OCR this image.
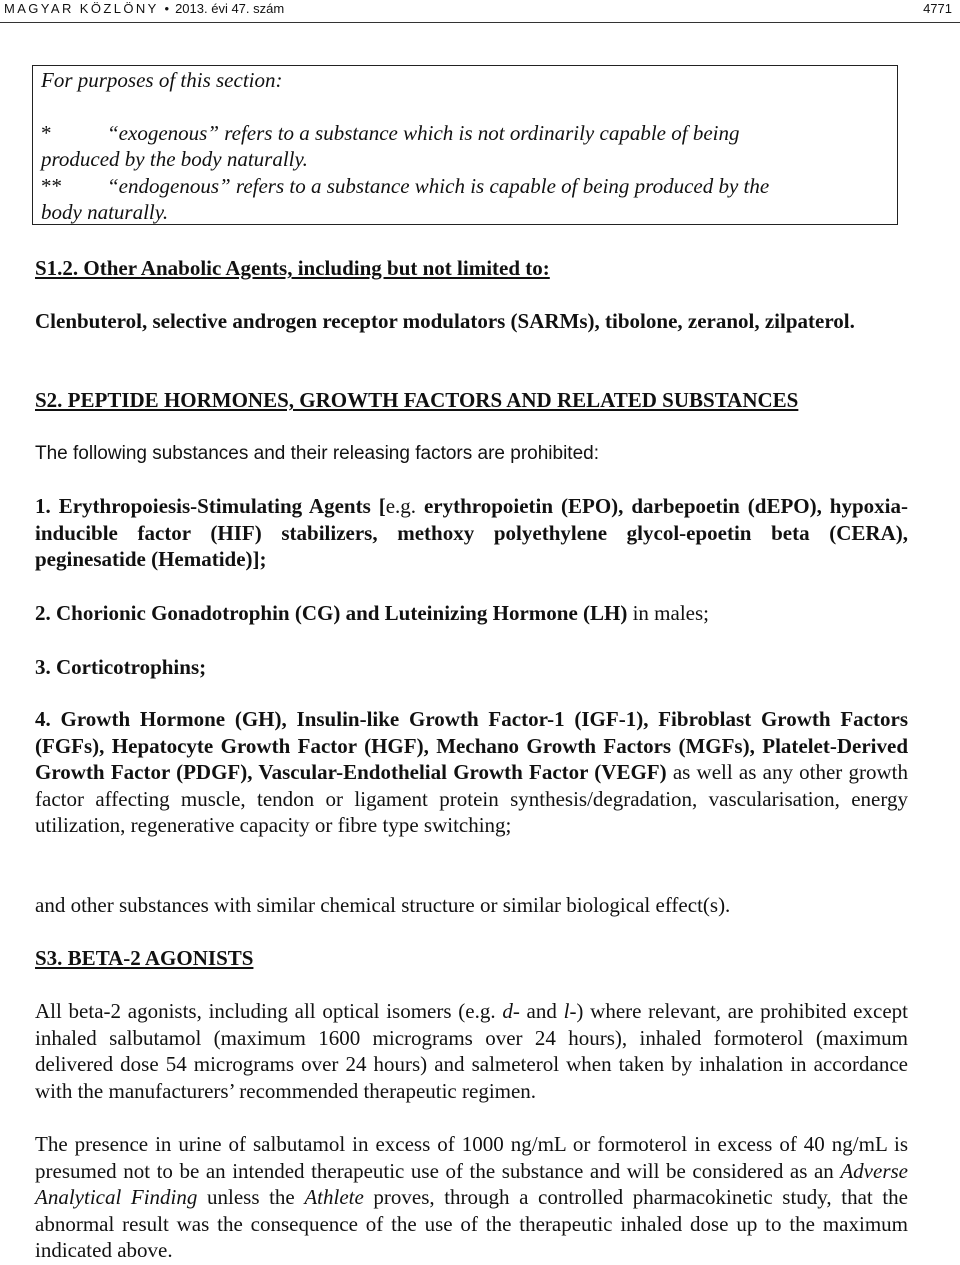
MAGYAR KÖZLÖNY • 2013. évi 47. szám	4771
For purposes of this section:
*	“exogenous” refers to a substance which is not ordinarily capable of being
produced by the body naturally.
** “endogenous” refers to a substance which is capable of being produced by the
body naturally.

S1.2. Other Anabolic Agents, including but not limited to:

Clenbuterol, selective androgen receptor modulators (SARMs), tibolone, zeranol, zilpaterol.

S2. PEPTIDE HORMONES, GROWTH FACTORS AND RELATED SUBSTANCES

The following substances and their releasing factors are prohibited:

1. Erythropoiesis-Stimulating Agents [e.g. erythropoietin (EPO), darbepoetin (dEPO), hypoxia-inducible factor (HIF) stabilizers, methoxy polyethylene glycol-epoetin beta (CERA), peginesatide (Hematide)];

2. Chorionic Gonadotrophin (CG) and Luteinizing Hormone (LH) in males;

3. Corticotrophins;

4. Growth Hormone (GH), Insulin-like Growth Factor-1 (IGF-1), Fibroblast Growth Factors (FGFs), Hepatocyte Growth Factor (HGF), Mechano Growth Factors (MGFs), Platelet-Derived Growth Factor (PDGF), Vascular-Endothelial Growth Factor (VEGF) as well as any other growth factor affecting muscle, tendon or ligament protein synthesis/degradation, vascularisation, energy utilization, regenerative capacity or fibre type switching;

and other substances with similar chemical structure or similar biological effect(s).

S3. BETA-2 AGONISTS

All beta-2 agonists, including all optical isomers (e.g. d- and l-) where relevant, are prohibited except inhaled salbutamol (maximum 1600 micrograms over 24 hours), inhaled formoterol (maximum delivered dose 54 micrograms over 24 hours) and salmeterol when taken by inhalation in accordance with the manufacturers’ recommended therapeutic regimen.

The presence in urine of salbutamol in excess of 1000 ng/mL or formoterol in excess of 40 ng/mL is presumed not to be an intended therapeutic use of the substance and will be considered as an Adverse Analytical Finding unless the Athlete proves, through a controlled pharmacokinetic study, that the abnormal result was the consequence of the use of the therapeutic inhaled dose up to the maximum indicated above.
